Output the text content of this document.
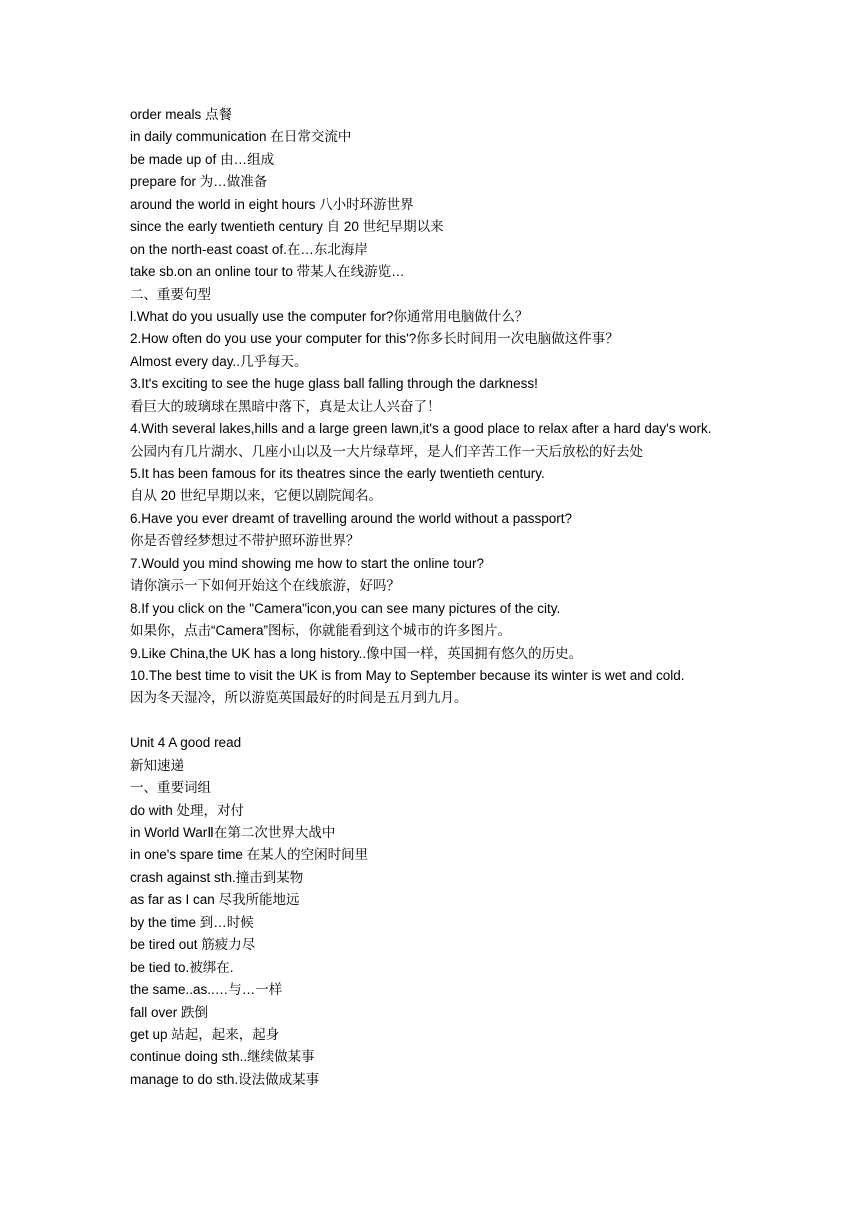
order meals 点餐
in daily communication 在日常交流中
be made up of 由…组成
prepare for 为…做准备
around the world in eight hours 八小时环游世界
since the early twentieth century 自 20 世纪早期以来
on the north-east coast of.在…东北海岸
take sb.on an online tour to 带某人在线游览…
二、重要句型
l.What do you usually use the computer for?你通常用电脑做什么？
2.How often do you use your computer for this'?你多长时间用一次电脑做这件事？
Almost every day..几乎每天。
3.It's exciting to see the huge glass ball falling through the darkness!
看巨大的玻璃球在黑暗中落下，真是太让人兴奋了！
4.With several lakes,hills and a large green lawn,it's a good place to relax after a hard day's work.
公园内有几片湖水、几座小山以及一大片绿草坪，是人们辛苦工作一天后放松的好去处
5.It has been famous for its theatres since the early twentieth century.
自从 20 世纪早期以来，它便以剧院闻名。
6.Have you ever dreamt of travelling around the world without a passport?
你是否曾经梦想过不带护照环游世界？
7.Would you mind showing me how to start the online tour?
请你演示一下如何开始这个在线旅游，好吗？
8.If you click on the "Camera"icon,you can see many pictures of the city.
如果你，点击“Camera”图标，你就能看到这个城市的许多图片。
9.Like China,the UK has a long history..像中国一样，英国拥有悠久的历史。
10.The best time to visit the UK is from May to September because its winter is wet and cold.
因为冬天湿冷，所以游览英国最好的时间是五月到九月。
Unit 4 A good read
新知速递
一、重要词组
do with 处理，对付
in World WarⅡ在第二次世界大战中
in one's spare time 在某人的空闲时间里
crash against sth.撞击到某物
as far as I can 尽我所能地远
by the time 到…时候
be tired out 筋疲力尽
be tied to.被绑在.
the same..as..…与…一样
fall over 跌倒
get up 站起，起来，起身
continue doing sth..继续做某事
manage to do sth.设法做成某事
